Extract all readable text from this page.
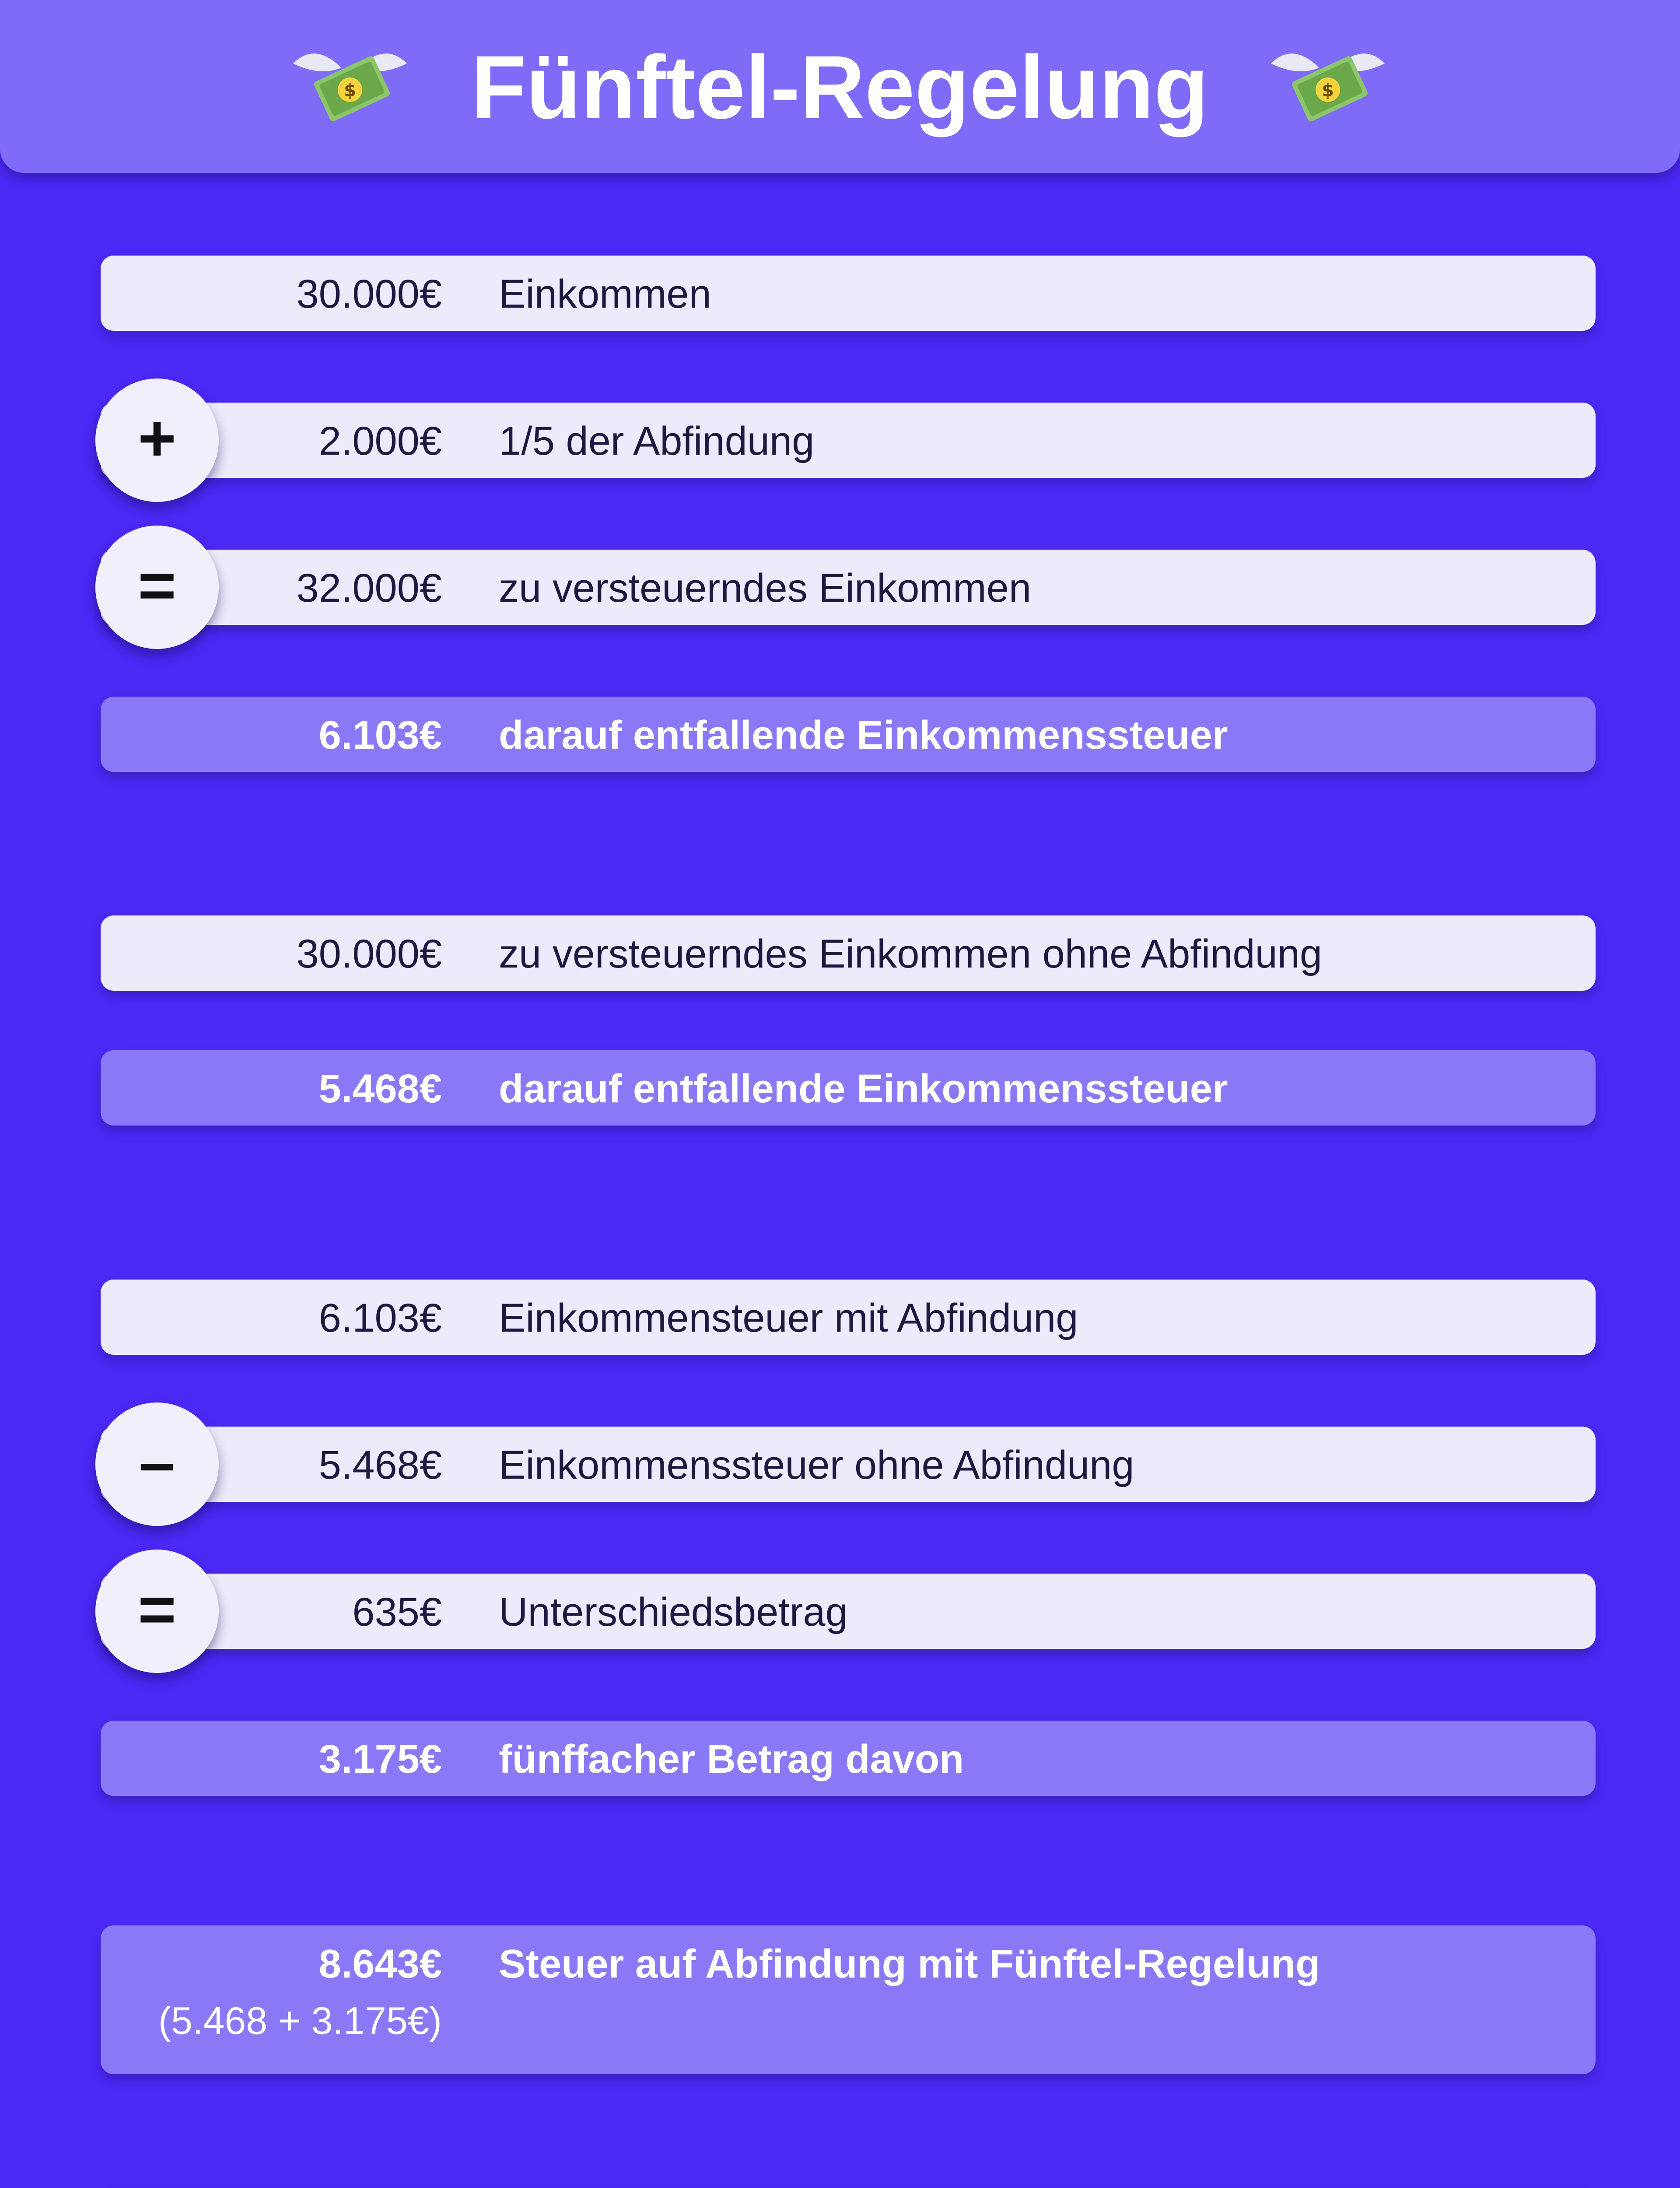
$	Fünftel-Regelung	$
30.000€ Einkommen
2.000€ 1/5 der Abfindung
+
32.000€ zu versteuerndes Einkommen
=
6.103€ darauf entfallende Einkommenssteuer
30.000€ zu versteuerndes Einkommen ohne Abfindung
5.468€ darauf entfallende Einkommenssteuer
6.103€ Einkommensteuer mit Abfindung
5.468€ Einkommenssteuer ohne Abfindung
–
635€ Unterschiedsbetrag
=
3.175€ fünffacher Betrag davon
8.643€
(5.468 + 3.175€)
Steuer auf Abfindung mit Fünftel-Regelung
